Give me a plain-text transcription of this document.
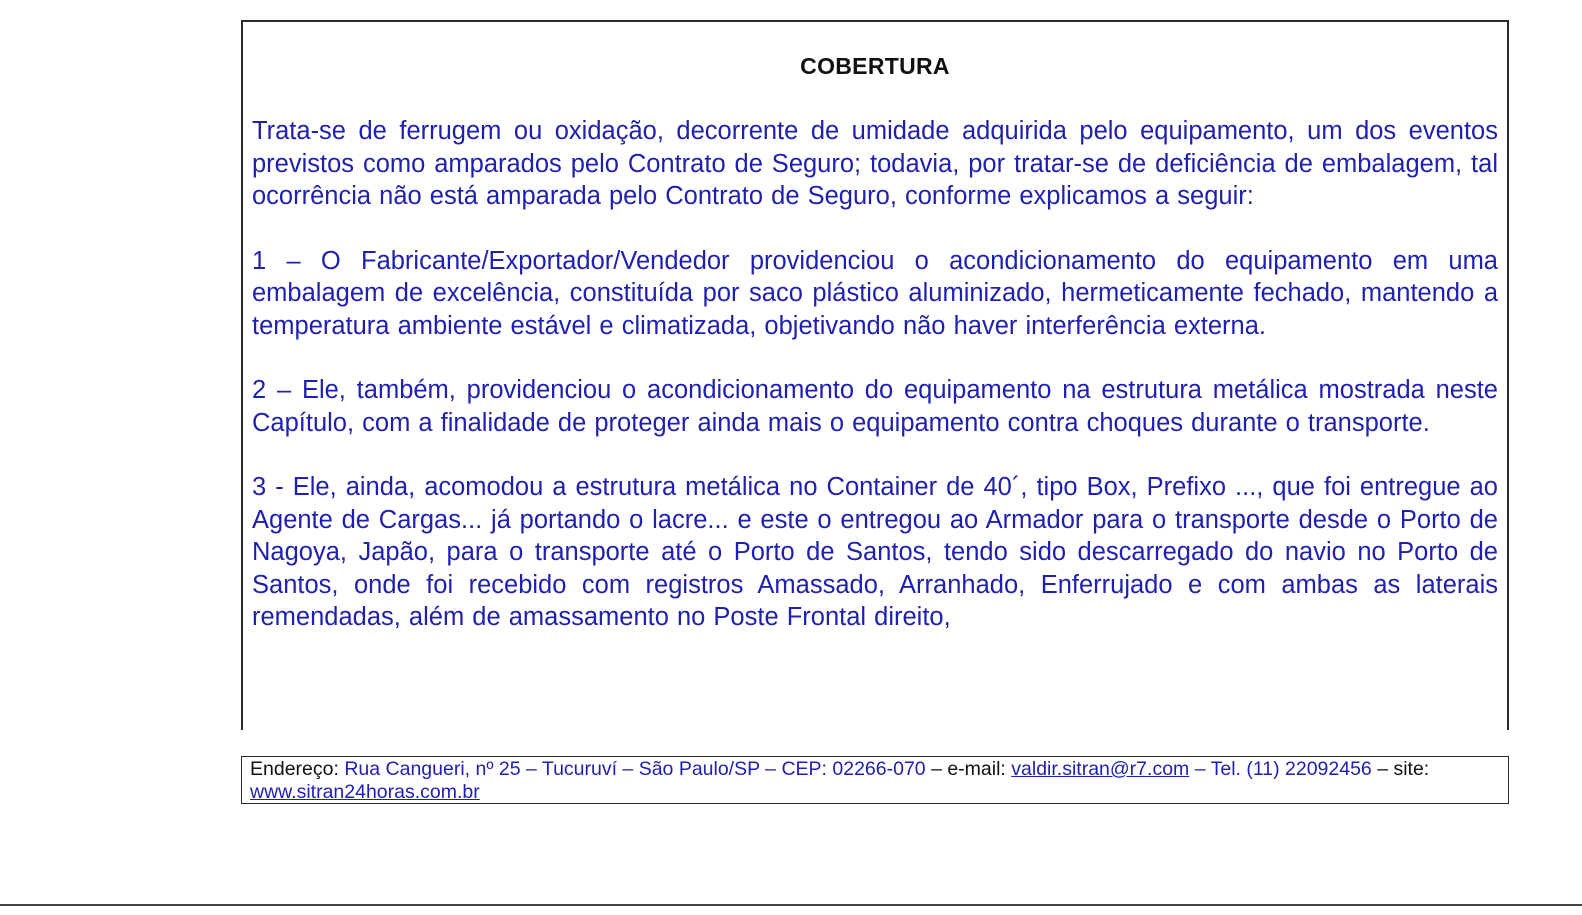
COBERTURA

Trata-se de ferrugem ou oxidação, decorrente de umidade adquirida pelo equipamento, um dos eventos previstos como amparados pelo Contrato de Seguro; todavia, por tratar-se de deficiência de embalagem, tal ocorrência não está amparada pelo Contrato de Seguro, conforme explicamos a seguir:

1 – O Fabricante/Exportador/Vendedor providenciou o acondicionamento do equipamento em uma embalagem de excelência, constituída por saco plástico aluminizado, hermeticamente fechado, mantendo a temperatura ambiente estável e climatizada, objetivando não haver interferência externa.

2 – Ele, também, providenciou o acondicionamento do equipamento na estrutura metálica mostrada neste Capítulo, com a finalidade de proteger ainda mais o equipamento contra choques durante o transporte.

3 - Ele, ainda, acomodou a estrutura metálica no Container de 40´, tipo Box, Prefixo ..., que foi entregue ao Agente de Cargas... já portando o lacre... e este o entregou ao Armador para o transporte desde o Porto de Nagoya, Japão, para o transporte até o Porto de Santos, tendo sido descarregado do navio no Porto de Santos, onde foi recebido com registros Amassado, Arranhado, Enferrujado e com ambas as laterais remendadas, além de amassamento no Poste Frontal direito,

Endereço: Rua Cangueri, nº 25 – Tucuruví – São Paulo/SP – CEP: 02266-070 – e-mail: valdir.sitran@r7.com – Tel. (11) 22092456 – site:
www.sitran24horas.com.br
